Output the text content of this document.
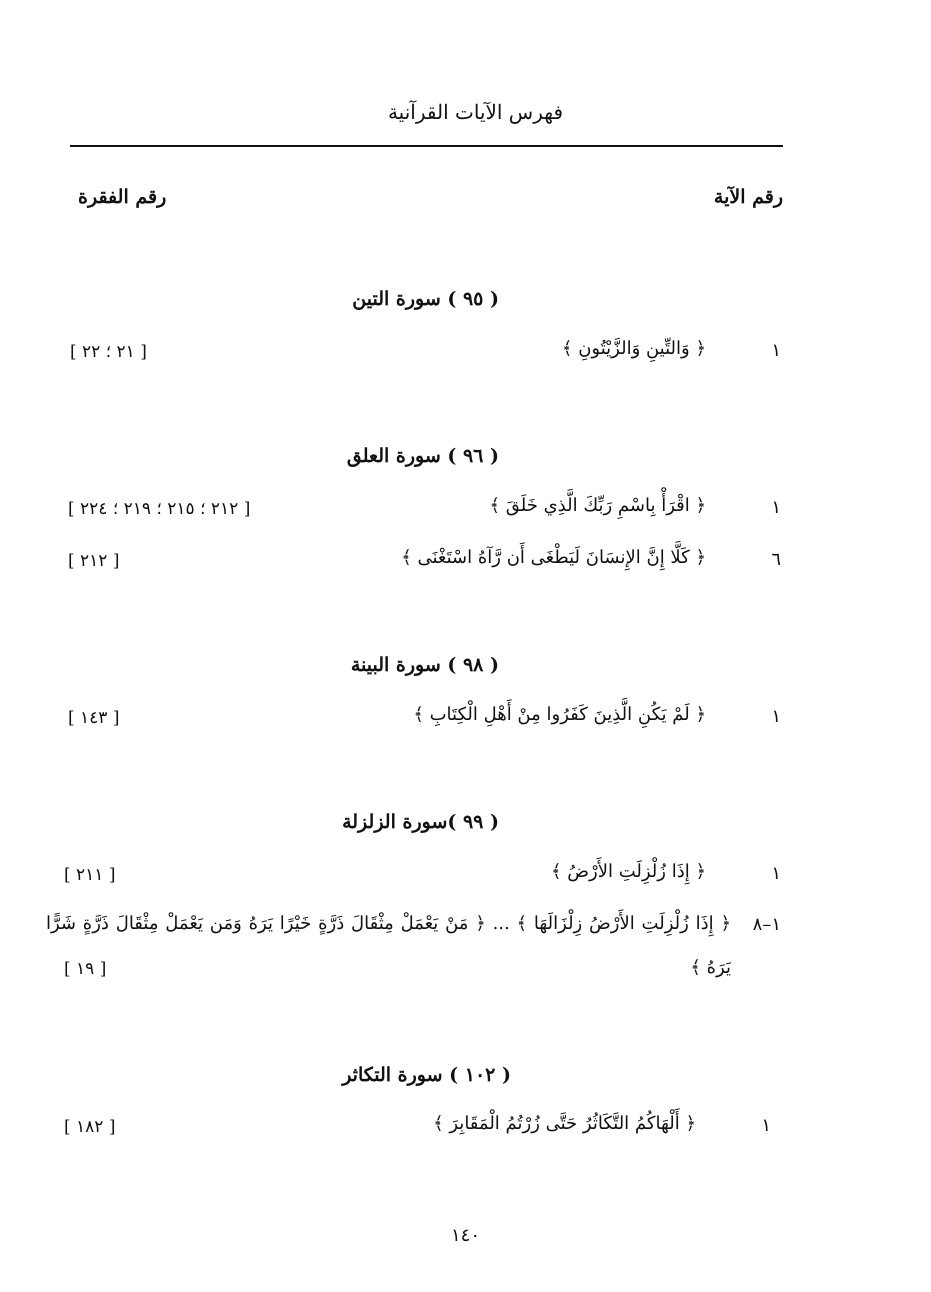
فهرس الآيات القرآنية
رقم الآية
رقم الفقرة
( ٩٥ ) سورة التين
١
﴿ وَالتِّينِ وَالزَّيْتُونِ ﴾
[ ٢١ ؛ ٢٢ ]
( ٩٦ ) سورة العلق
١
﴿ اقْرَأْ بِاسْمِ رَبِّكَ الَّذِي خَلَقَ ﴾
[ ٢١٢ ؛ ٢١٥ ؛ ٢١٩ ؛ ٢٢٤ ]
٦
﴿ كَلَّا إِنَّ الإِنسَانَ لَيَطْغَى أَن رَّآهُ اسْتَغْنَى ﴾
[ ٢١٢ ]
( ٩٨ ) سورة البينة
١
﴿ لَمْ يَكُنِ الَّذِينَ كَفَرُوا مِنْ أَهْلِ الْكِتَابِ ﴾
[ ١٤٣ ]
( ٩٩ )سورة الزلزلة
١
﴿ إِذَا زُلْزِلَتِ الأَرْضُ ﴾
[ ٢١١ ]
١–٨
﴿ إِذَا زُلْزِلَتِ الأَرْضُ زِلْزَالَهَا ﴾ ... ﴿ مَنْ يَعْمَلْ مِثْقَالَ ذَرَّةٍ خَيْرًا يَرَهُ وَمَن يَعْمَلْ مِثْقَالَ ذَرَّةٍ شَرًّا يَرَهُ ﴾
[ ١٩ ]
( ١٠٢ ) سورة التكاثر
١
﴿ أَلْهَاكُمُ التَّكَاثُرُ حَتَّى زُرْتُمُ الْمَقَابِرَ ﴾
[ ١٨٢ ]
١٤٠
